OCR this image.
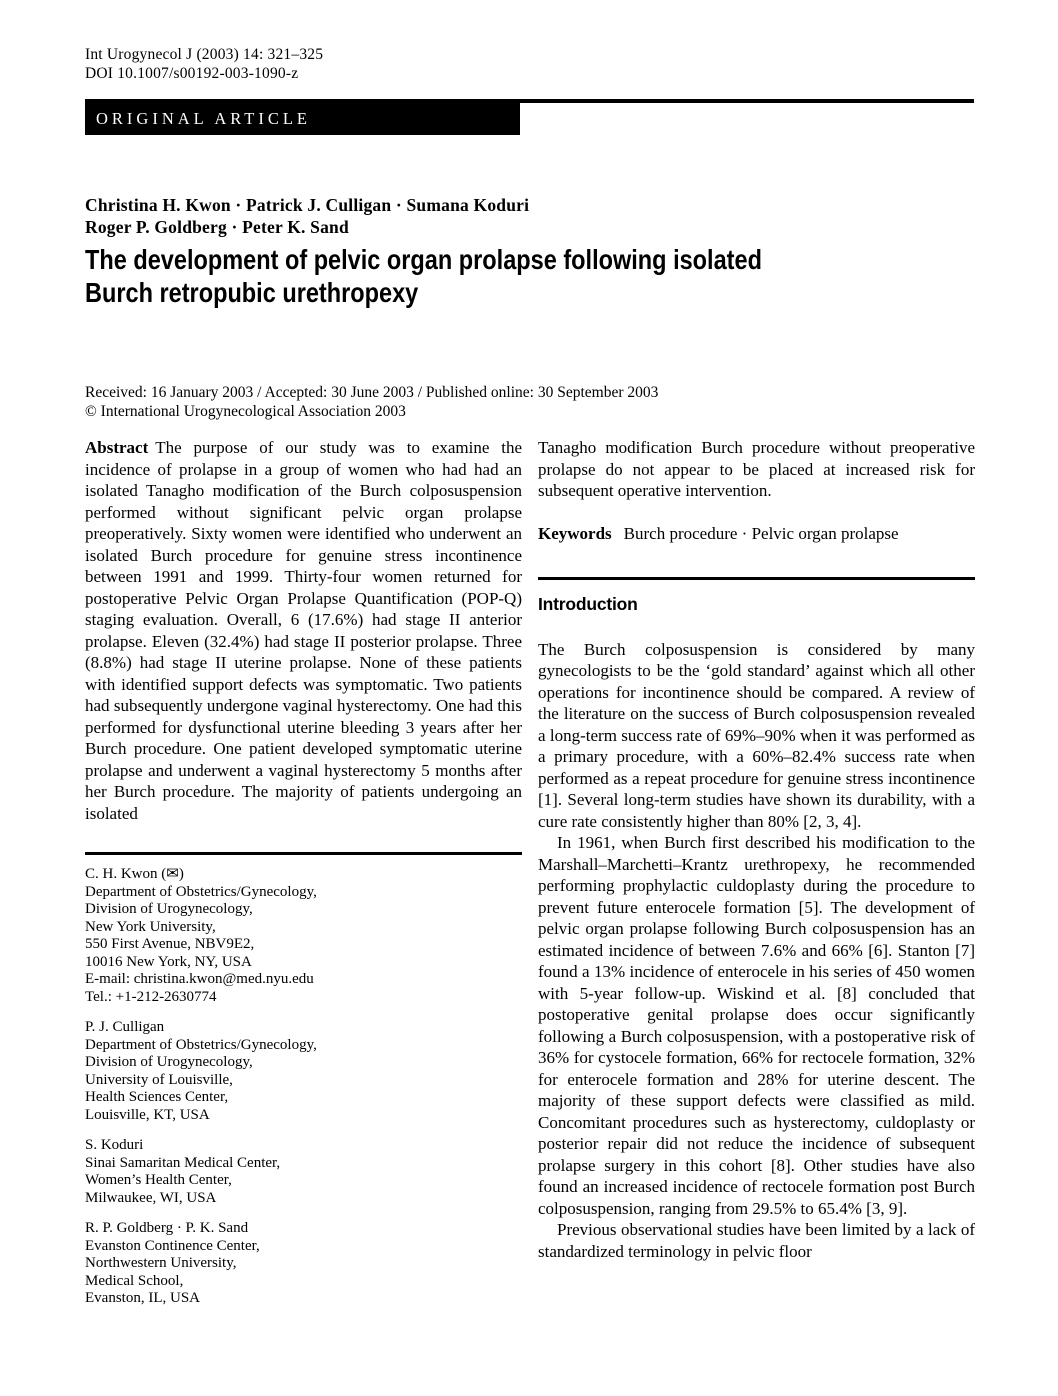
Int Urogynecol J (2003) 14: 321–325
DOI 10.1007/s00192-003-1090-z
ORIGINAL ARTICLE
Christina H. Kwon · Patrick J. Culligan · Sumana Koduri
Roger P. Goldberg · Peter K. Sand
The development of pelvic organ prolapse following isolated
Burch retropubic urethropexy
Received: 16 January 2003 / Accepted: 30 June 2003 / Published online: 30 September 2003
© International Urogynecological Association 2003

Abstract The purpose of our study was to examine the incidence of prolapse in a group of women who had had an isolated Tanagho modification of the Burch colposuspension performed without significant pelvic organ prolapse preoperatively. Sixty women were identified who underwent an isolated Burch procedure for genuine stress incontinence between 1991 and 1999. Thirty-four women returned for postoperative Pelvic Organ Prolapse Quantification (POP-Q) staging evaluation. Overall, 6 (17.6%) had stage II anterior prolapse. Eleven (32.4%) had stage II posterior prolapse. Three (8.8%) had stage II uterine prolapse. None of these patients with identified support defects was symptomatic. Two patients had subsequently undergone vaginal hysterectomy. One had this performed for dysfunctional uterine bleeding 3 years after her Burch procedure. One patient developed symptomatic uterine prolapse and underwent a vaginal hysterectomy 5 months after her Burch procedure. The majority of patients undergoing an isolated

C. H. Kwon (✉)
Department of Obstetrics/Gynecology,
Division of Urogynecology,
New York University,
550 First Avenue, NBV9E2,
10016 New York, NY, USA
E-mail: christina.kwon@med.nyu.edu
Tel.: +1-212-2630774
P. J. Culligan
Department of Obstetrics/Gynecology,
Division of Urogynecology,
University of Louisville,
Health Sciences Center,
Louisville, KT, USA
S. Koduri
Sinai Samaritan Medical Center,
Women’s Health Center,
Milwaukee, WI, USA
R. P. Goldberg · P. K. Sand
Evanston Continence Center,
Northwestern University,
Medical School,
Evanston, IL, USA

Tanagho modification Burch procedure without preoperative prolapse do not appear to be placed at increased risk for subsequent operative intervention.

Keywords Burch procedure · Pelvic organ prolapse

Introduction

The Burch colposuspension is considered by many gynecologists to be the ‘gold standard’ against which all other operations for incontinence should be compared. A review of the literature on the success of Burch colposuspension revealed a long-term success rate of 69%–90% when it was performed as a primary procedure, with a 60%–82.4% success rate when performed as a repeat procedure for genuine stress incontinence [1]. Several long-term studies have shown its durability, with a cure rate consistently higher than 80% [2, 3, 4].

In 1961, when Burch first described his modification to the Marshall–Marchetti–Krantz urethropexy, he recommended performing prophylactic culdoplasty during the procedure to prevent future enterocele formation [5]. The development of pelvic organ prolapse following Burch colposuspension has an estimated incidence of between 7.6% and 66% [6]. Stanton [7] found a 13% incidence of enterocele in his series of 450 women with 5-year follow-up. Wiskind et al. [8] concluded that postoperative genital prolapse does occur significantly following a Burch colposuspension, with a postoperative risk of 36% for cystocele formation, 66% for rectocele formation, 32% for enterocele formation and 28% for uterine descent. The majority of these support defects were classified as mild. Concomitant procedures such as hysterectomy, culdoplasty or posterior repair did not reduce the incidence of subsequent prolapse surgery in this cohort [8]. Other studies have also found an increased incidence of rectocele formation post Burch colposuspension, ranging from 29.5% to 65.4% [3, 9].

Previous observational studies have been limited by a lack of standardized terminology in pelvic floor
